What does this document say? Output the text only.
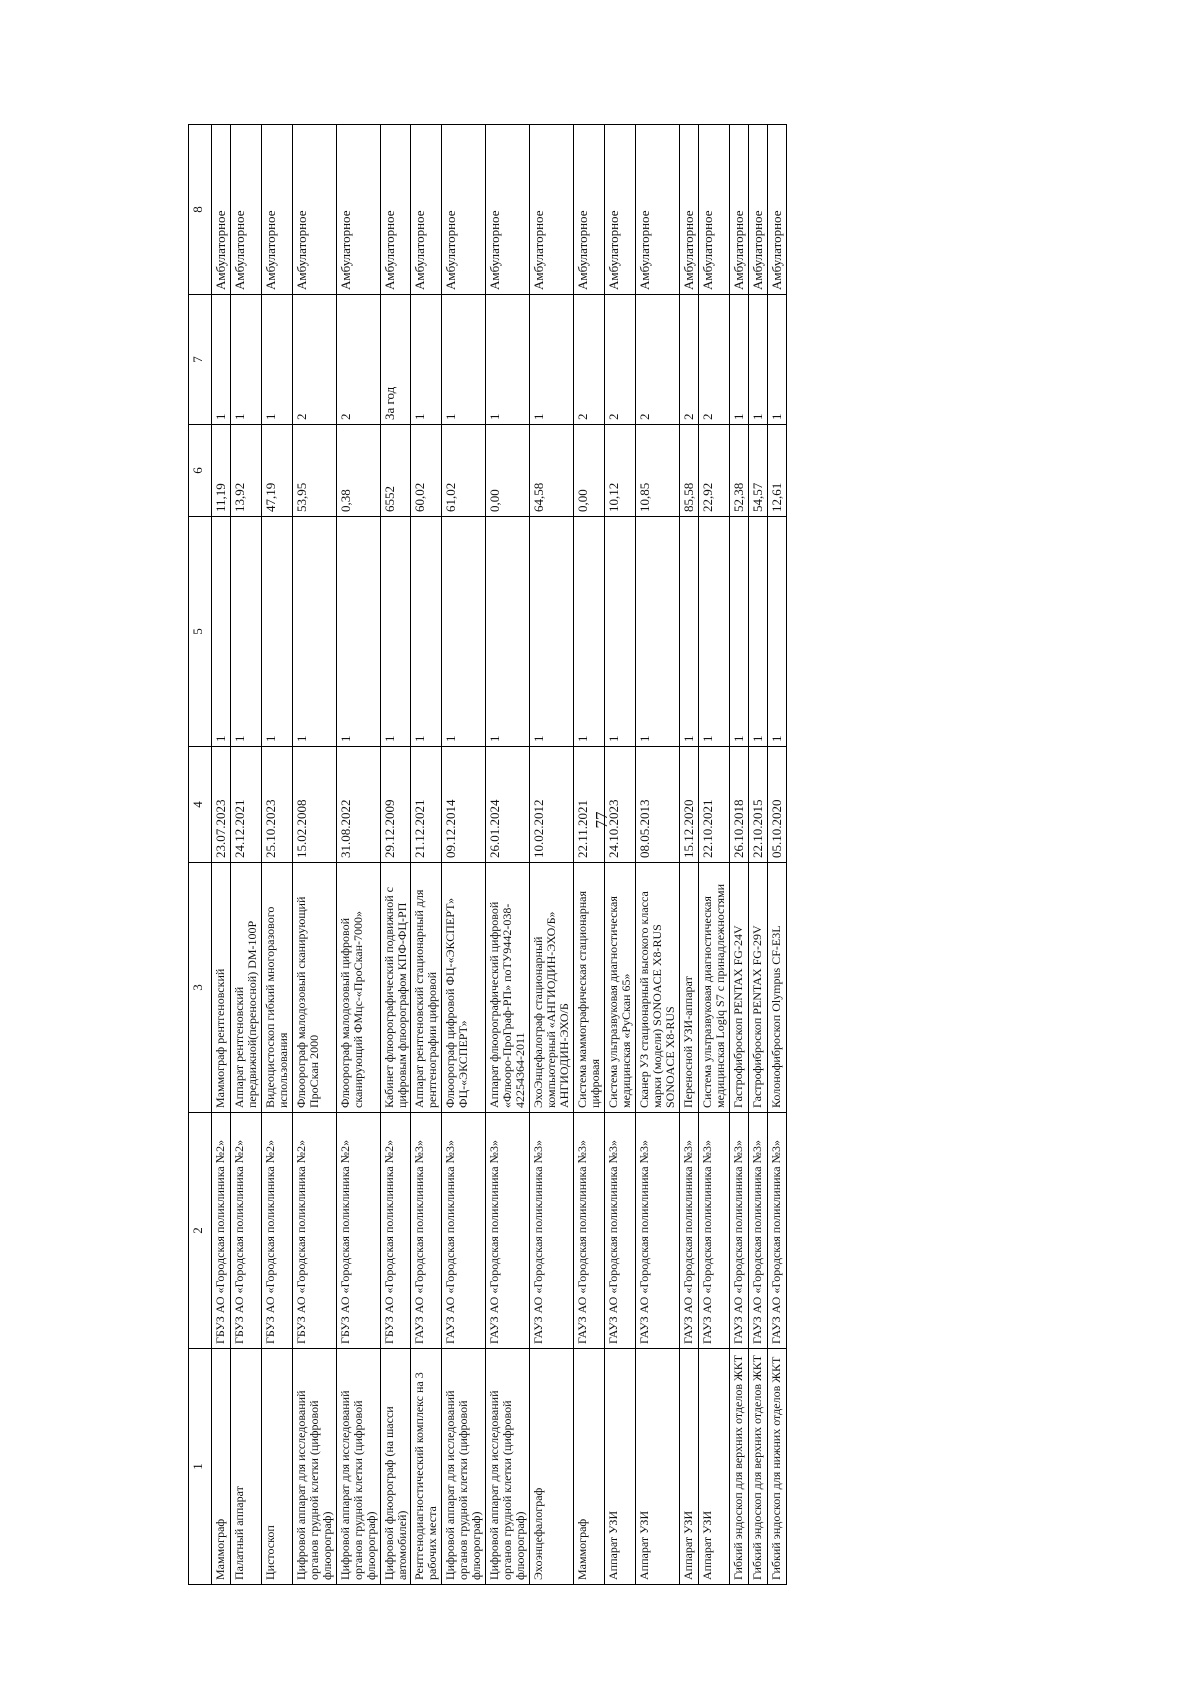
77
1	2	3	4	5	6	7	8
Маммограф	ГБУЗ АО «Городская поликлиника №2»	Маммограф рентгеновский	23.07.2023	1	11,19	1	Амбулаторное
Палатный аппарат	ГБУЗ АО «Городская поликлиника №2»	Аппарат рентгеновский передвижной(переносной) DM-100P	24.12.2021	1	13,92	1	Амбулаторное
Цистоскоп	ГБУЗ АО «Городская поликлиника №2»	Видеоцистоскоп гибкий многоразового использования	25.10.2023	1	47,19	1	Амбулаторное
Цифровой аппарат для исследований органов грудной клетки (цифровой флюорограф)	ГБУЗ АО «Городская поликлиника №2»	Флюорограф малодозовый сканирующий ПроСкан 2000	15.02.2008	1	53,95	2	Амбулаторное
Цифровой аппарат для исследований органов грудной клетки (цифровой флюорограф)	ГБУЗ АО «Городская поликлиника №2»	Флюорограф малодозовый цифровой сканирующий ФМцс-«ПроСкан-7000»	31.08.2022	1	0,38	2	Амбулаторное
Цифровой флюорограф (на шасси автомобилей)	ГБУЗ АО «Городская поликлиника №2»	Кабинет флюорографический подвижной с цифровым флюорографом КПФ-ФЦ-РП	29.12.2009	1	6552	За год	Амбулаторное
Рентгенодиагностический комплекс на 3 рабочих места	ГАУЗ АО «Городская поликлиника №3»	Аппарат рентгеновский стационарный для рентгенографии цифровой	21.12.2021	1	60,02	1	Амбулаторное
Цифровой аппарат для исследований органов грудной клетки (цифровой флюорограф)	ГАУЗ АО «Городская поликлиника №3»	Флюорограф цифровой ФЦ-«ЭКСПЕРТ» ФЦ-«ЭКСПЕРТ»	09.12.2014	1	61,02	1	Амбулаторное
Цифровой аппарат для исследований органов грудной клетки (цифровой флюорограф)	ГАУЗ АО «Городская поликлиника №3»	Аппарат флюорографический цифровой «Флюоро-ПроГраф-РП» поТУ9442-038-42254364-2011	26.01.2024	1	0,00	1	Амбулаторное
Эхоэнцефалограф	ГАУЗ АО «Городская поликлиника №3»	ЭхоЭнцефалограф стационарный компьютерный «АНГИОДИН-ЭХО/Б» АНГИОДИН-ЭХО/Б	10.02.2012	1	64,58	1	Амбулаторное
Маммограф	ГАУЗ АО «Городская поликлиника №3»	Система маммографическая стационарная цифровая	22.11.2021	1	0,00	2	Амбулаторное
Аппарат УЗИ	ГАУЗ АО «Городская поликлиника №3»	Система ультразвуковая диагностическая медицинская «РуСкан 65»	24.10.2023	1	10,12	2	Амбулаторное
Аппарат УЗИ	ГАУЗ АО «Городская поликлиника №3»	Сканер УЗ стационарный высокого класса марки (модели) SONOACE X8-RUS SONOACE X8-RUS	08.05.2013	1	10,85	2	Амбулаторное
Аппарат УЗИ	ГАУЗ АО «Городская поликлиника №3»	Переносной УЗИ-аппарат	15.12.2020	1	85,58	2	Амбулаторное
Аппарат УЗИ	ГАУЗ АО «Городская поликлиника №3»	Система ультразвуковая диагностическая медицинская Logiq S7 с принадлежностями	22.10.2021	1	22,92	2	Амбулаторное
Гибкий эндоскоп для верхних отделов ЖКТ	ГАУЗ АО «Городская поликлиника №3»	Гастрофиброскоп PENTAX FG-24V	26.10.2018	1	52,38	1	Амбулаторное
Гибкий эндоскоп для верхних отделов ЖКТ	ГАУЗ АО «Городская поликлиника №3»	Гастрофиброскоп PENTAX FG-29V	22.10.2015	1	54,57	1	Амбулаторное
Гибкий эндоскоп для нижних отделов ЖКТ	ГАУЗ АО «Городская поликлиника №3»	Колонофиброскоп Olympus CF-E3L	05.10.2020	1	12,61	1	Амбулаторное
